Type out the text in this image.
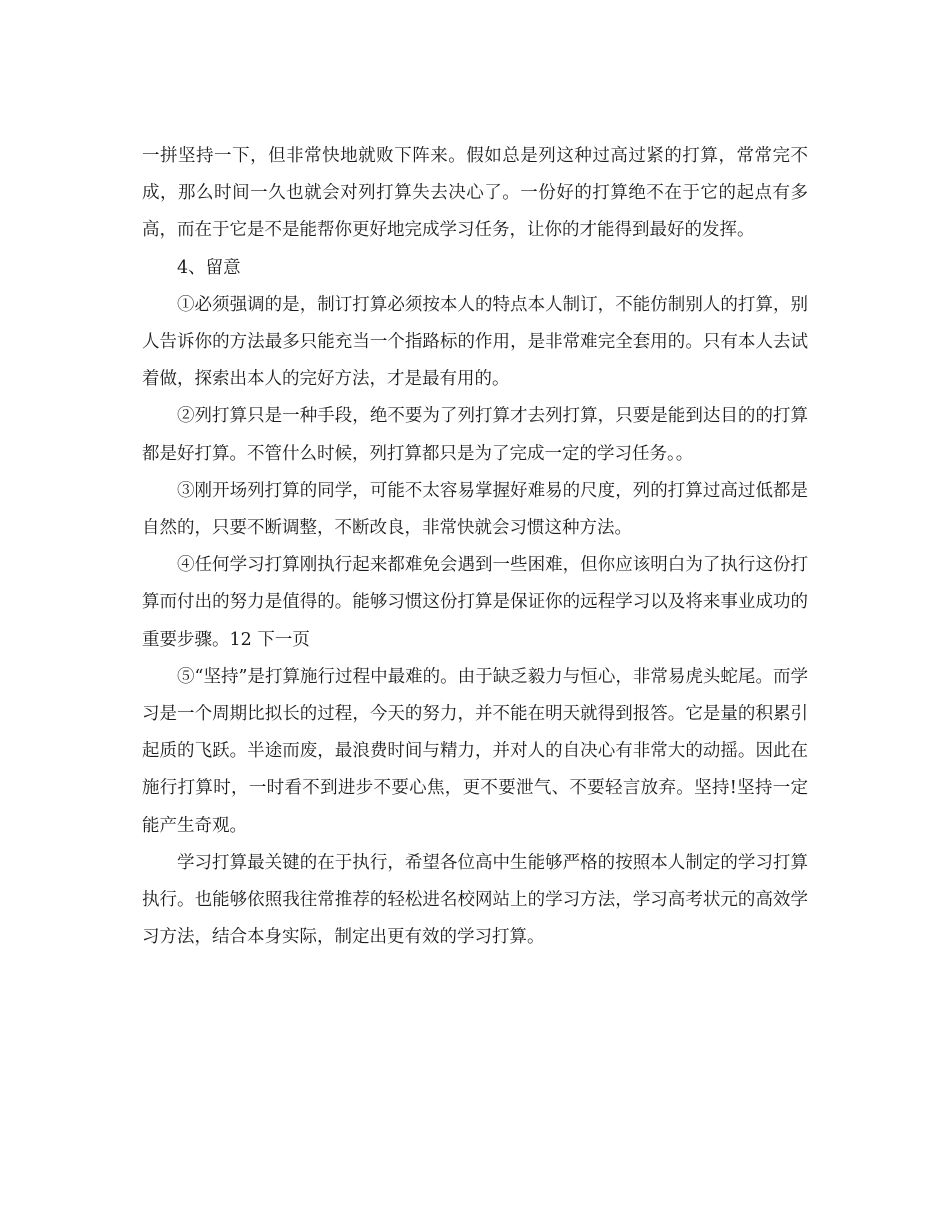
一拼坚持一下，但非常快地就败下阵来。假如总是列这种过高过紧的打算，常常完不成，那么时间一久也就会对列打算失去决心了。一份好的打算绝不在于它的起点有多高，而在于它是不是能帮你更好地完成学习任务，让你的才能得到最好的发挥。

4、留意

①必须强调的是，制订打算必须按本人的特点本人制订，不能仿制别人的打算，别人告诉你的方法最多只能充当一个指路标的作用，是非常难完全套用的。只有本人去试着做，探索出本人的完好方法，才是最有用的。

②列打算只是一种手段，绝不要为了列打算才去列打算，只要是能到达目的的打算都是好打算。不管什么时候，列打算都只是为了完成一定的学习任务。。

③刚开场列打算的同学，可能不太容易掌握好难易的尺度，列的打算过高过低都是自然的，只要不断调整，不断改良，非常快就会习惯这种方法。

④任何学习打算刚执行起来都难免会遇到一些困难，但你应该明白为了执行这份打算而付出的努力是值得的。能够习惯这份打算是保证你的远程学习以及将来事业成功的重要步骤。12 下一页

⑤“坚持”是打算施行过程中最难的。由于缺乏毅力与恒心，非常易虎头蛇尾。而学习是一个周期比拟长的过程，今天的努力，并不能在明天就得到报答。它是量的积累引起质的飞跃。半途而废，最浪费时间与精力，并对人的自决心有非常大的动摇。因此在施行打算时，一时看不到进步不要心焦，更不要泄气、不要轻言放弃。坚持!坚持一定能产生奇观。

学习打算最关键的在于执行，希望各位高中生能够严格的按照本人制定的学习打算执行。也能够依照我往常推荐的轻松进名校网站上的学习方法，学习高考状元的高效学习方法，结合本身实际，制定出更有效的学习打算。
